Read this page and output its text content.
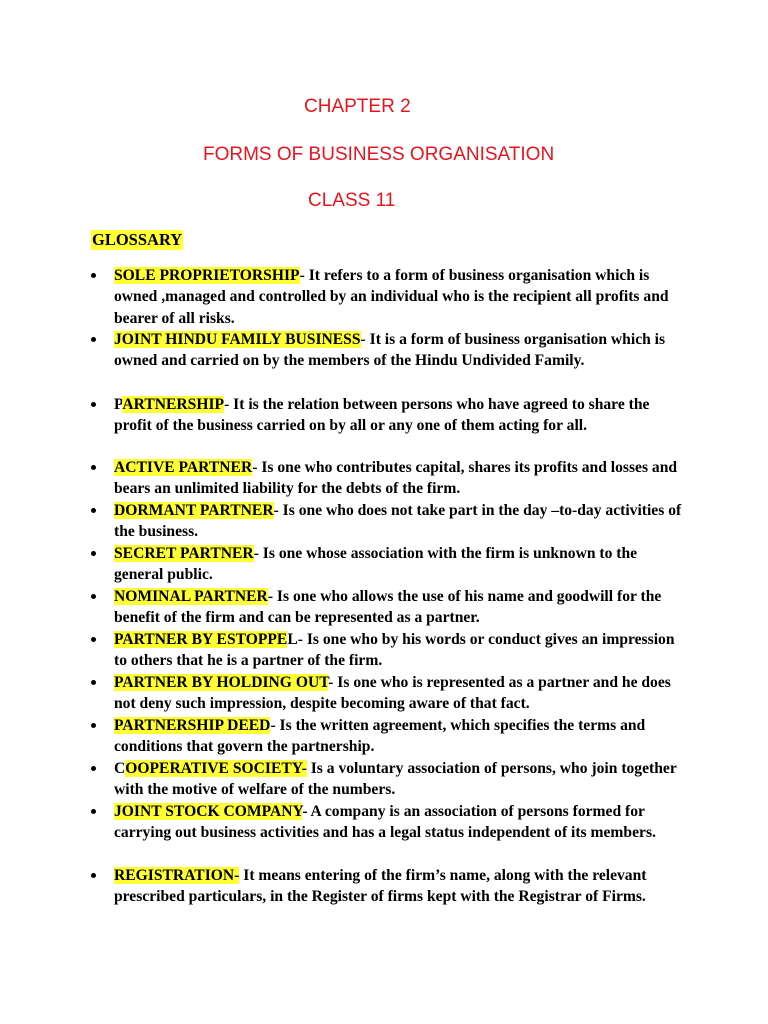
CHAPTER 2
FORMS OF BUSINESS ORGANISATION
CLASS 11
GLOSSARY
SOLE PROPRIETORSHIP- It refers to a form of business organisation which is owned ,managed and controlled by an individual who is the recipient all profits and bearer of all risks.
JOINT HINDU FAMILY BUSINESS- It is a form of business organisation which is owned and carried on by the members of the Hindu Undivided Family.
PARTNERSHIP- It is the relation between persons who have agreed to share the profit of the business carried on by all or any one of them acting for all.
ACTIVE PARTNER- Is one who contributes capital, shares its profits and losses and bears an unlimited liability for the debts of the firm.
DORMANT PARTNER- Is one who does not take part in the day –to-day activities of the business.
SECRET PARTNER- Is one whose association with the firm is unknown to the general public.
NOMINAL PARTNER- Is one who allows the use of his name and goodwill for the benefit of the firm and can be represented as a partner.
PARTNER BY ESTOPPEL- Is one who by his words or conduct gives an impression to others that he is a partner of the firm.
PARTNER BY HOLDING OUT- Is one who is represented as a partner and he does not deny such impression, despite becoming aware of that fact.
PARTNERSHIP DEED- Is the written agreement, which specifies the terms and conditions that govern the partnership.
COOPERATIVE SOCIETY- Is a voluntary association of persons, who join together with the motive of welfare of the numbers.
JOINT STOCK COMPANY- A company is an association of persons formed for carrying out business activities and has a legal status independent of its members.
REGISTRATION- It means entering of the firm’s name, along with the relevant prescribed particulars, in the Register of firms kept with the Registrar of Firms.
